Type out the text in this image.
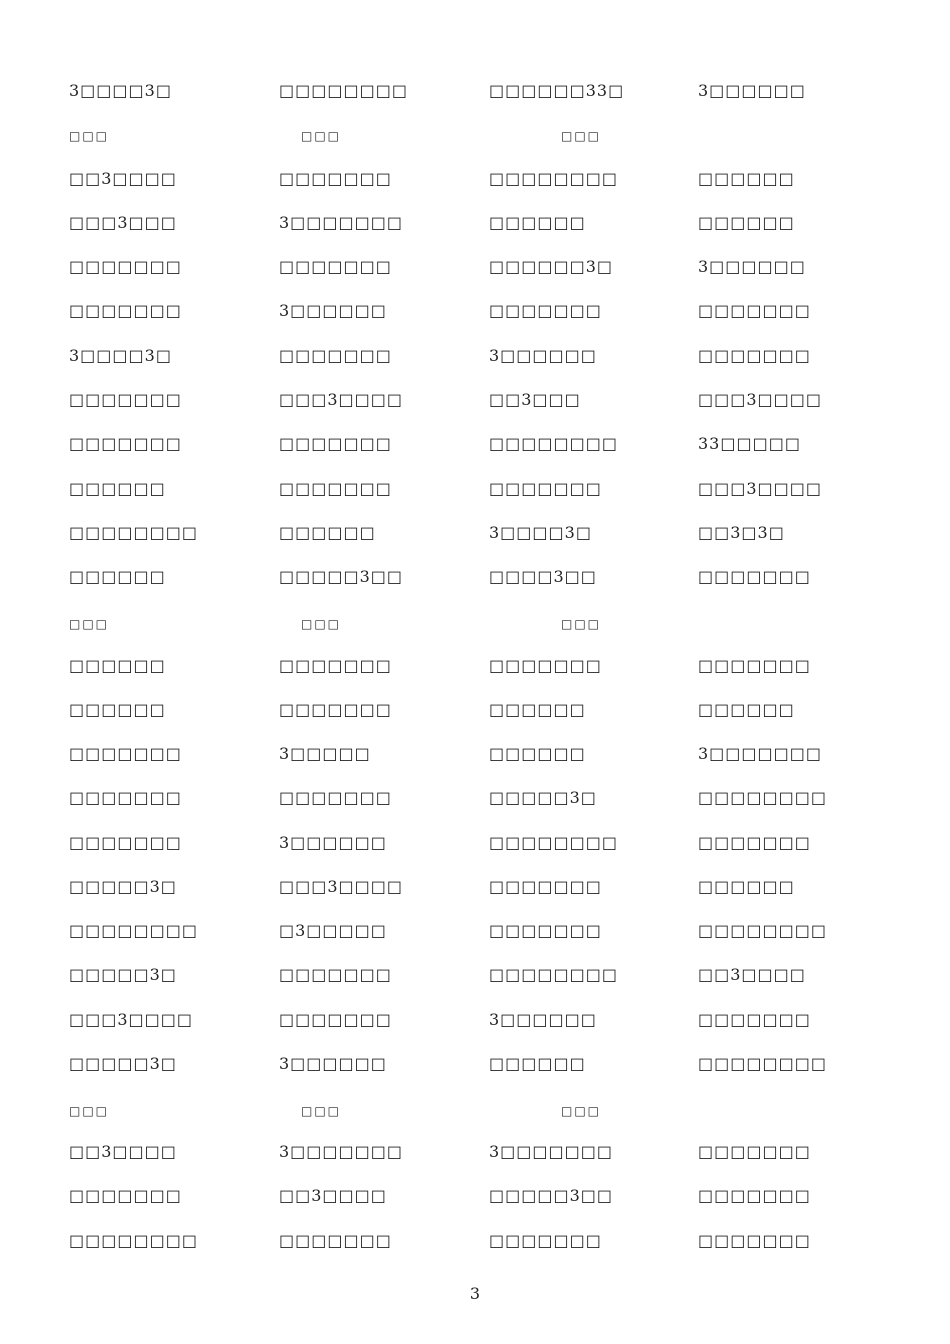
3□□□□3□	□□□□□□□□	□□□□□□33□	3□□□□□□
□□□	□□□	□□□
□□3□□□□	□□□□□□□	□□□□□□□□	□□□□□□
□□□3□□□	3□□□□□□□	□□□□□□	□□□□□□
□□□□□□□	□□□□□□□	□□□□□□3□	3□□□□□□
□□□□□□□	3□□□□□□	□□□□□□□	□□□□□□□
3□□□□3□	□□□□□□□	3□□□□□□	□□□□□□□
□□□□□□□	□□□3□□□□	□□3□□□	□□□3□□□□
□□□□□□□	□□□□□□□	□□□□□□□□	33□□□□□
□□□□□□	□□□□□□□	□□□□□□□	□□□3□□□□
□□□□□□□□	□□□□□□	3□□□□3□	□□3□3□
□□□□□□	□□□□□3□□	□□□□3□□	□□□□□□□
□□□	□□□	□□□
□□□□□□	□□□□□□□	□□□□□□□	□□□□□□□
□□□□□□	□□□□□□□	□□□□□□	□□□□□□
□□□□□□□	3□□□□□	□□□□□□	3□□□□□□□
□□□□□□□	□□□□□□□	□□□□□3□	□□□□□□□□
□□□□□□□	3□□□□□□	□□□□□□□□	□□□□□□□
□□□□□3□	□□□3□□□□	□□□□□□□	□□□□□□
□□□□□□□□	□3□□□□□	□□□□□□□	□□□□□□□□
□□□□□3□	□□□□□□□	□□□□□□□□	□□3□□□□
□□□3□□□□	□□□□□□□	3□□□□□□	□□□□□□□
□□□□□3□	3□□□□□□	□□□□□□	□□□□□□□□
□□□	□□□	□□□
□□3□□□□	3□□□□□□□	3□□□□□□□	□□□□□□□
□□□□□□□	□□3□□□□	□□□□□3□□	□□□□□□□
□□□□□□□□	□□□□□□□	□□□□□□□	□□□□□□□
3
